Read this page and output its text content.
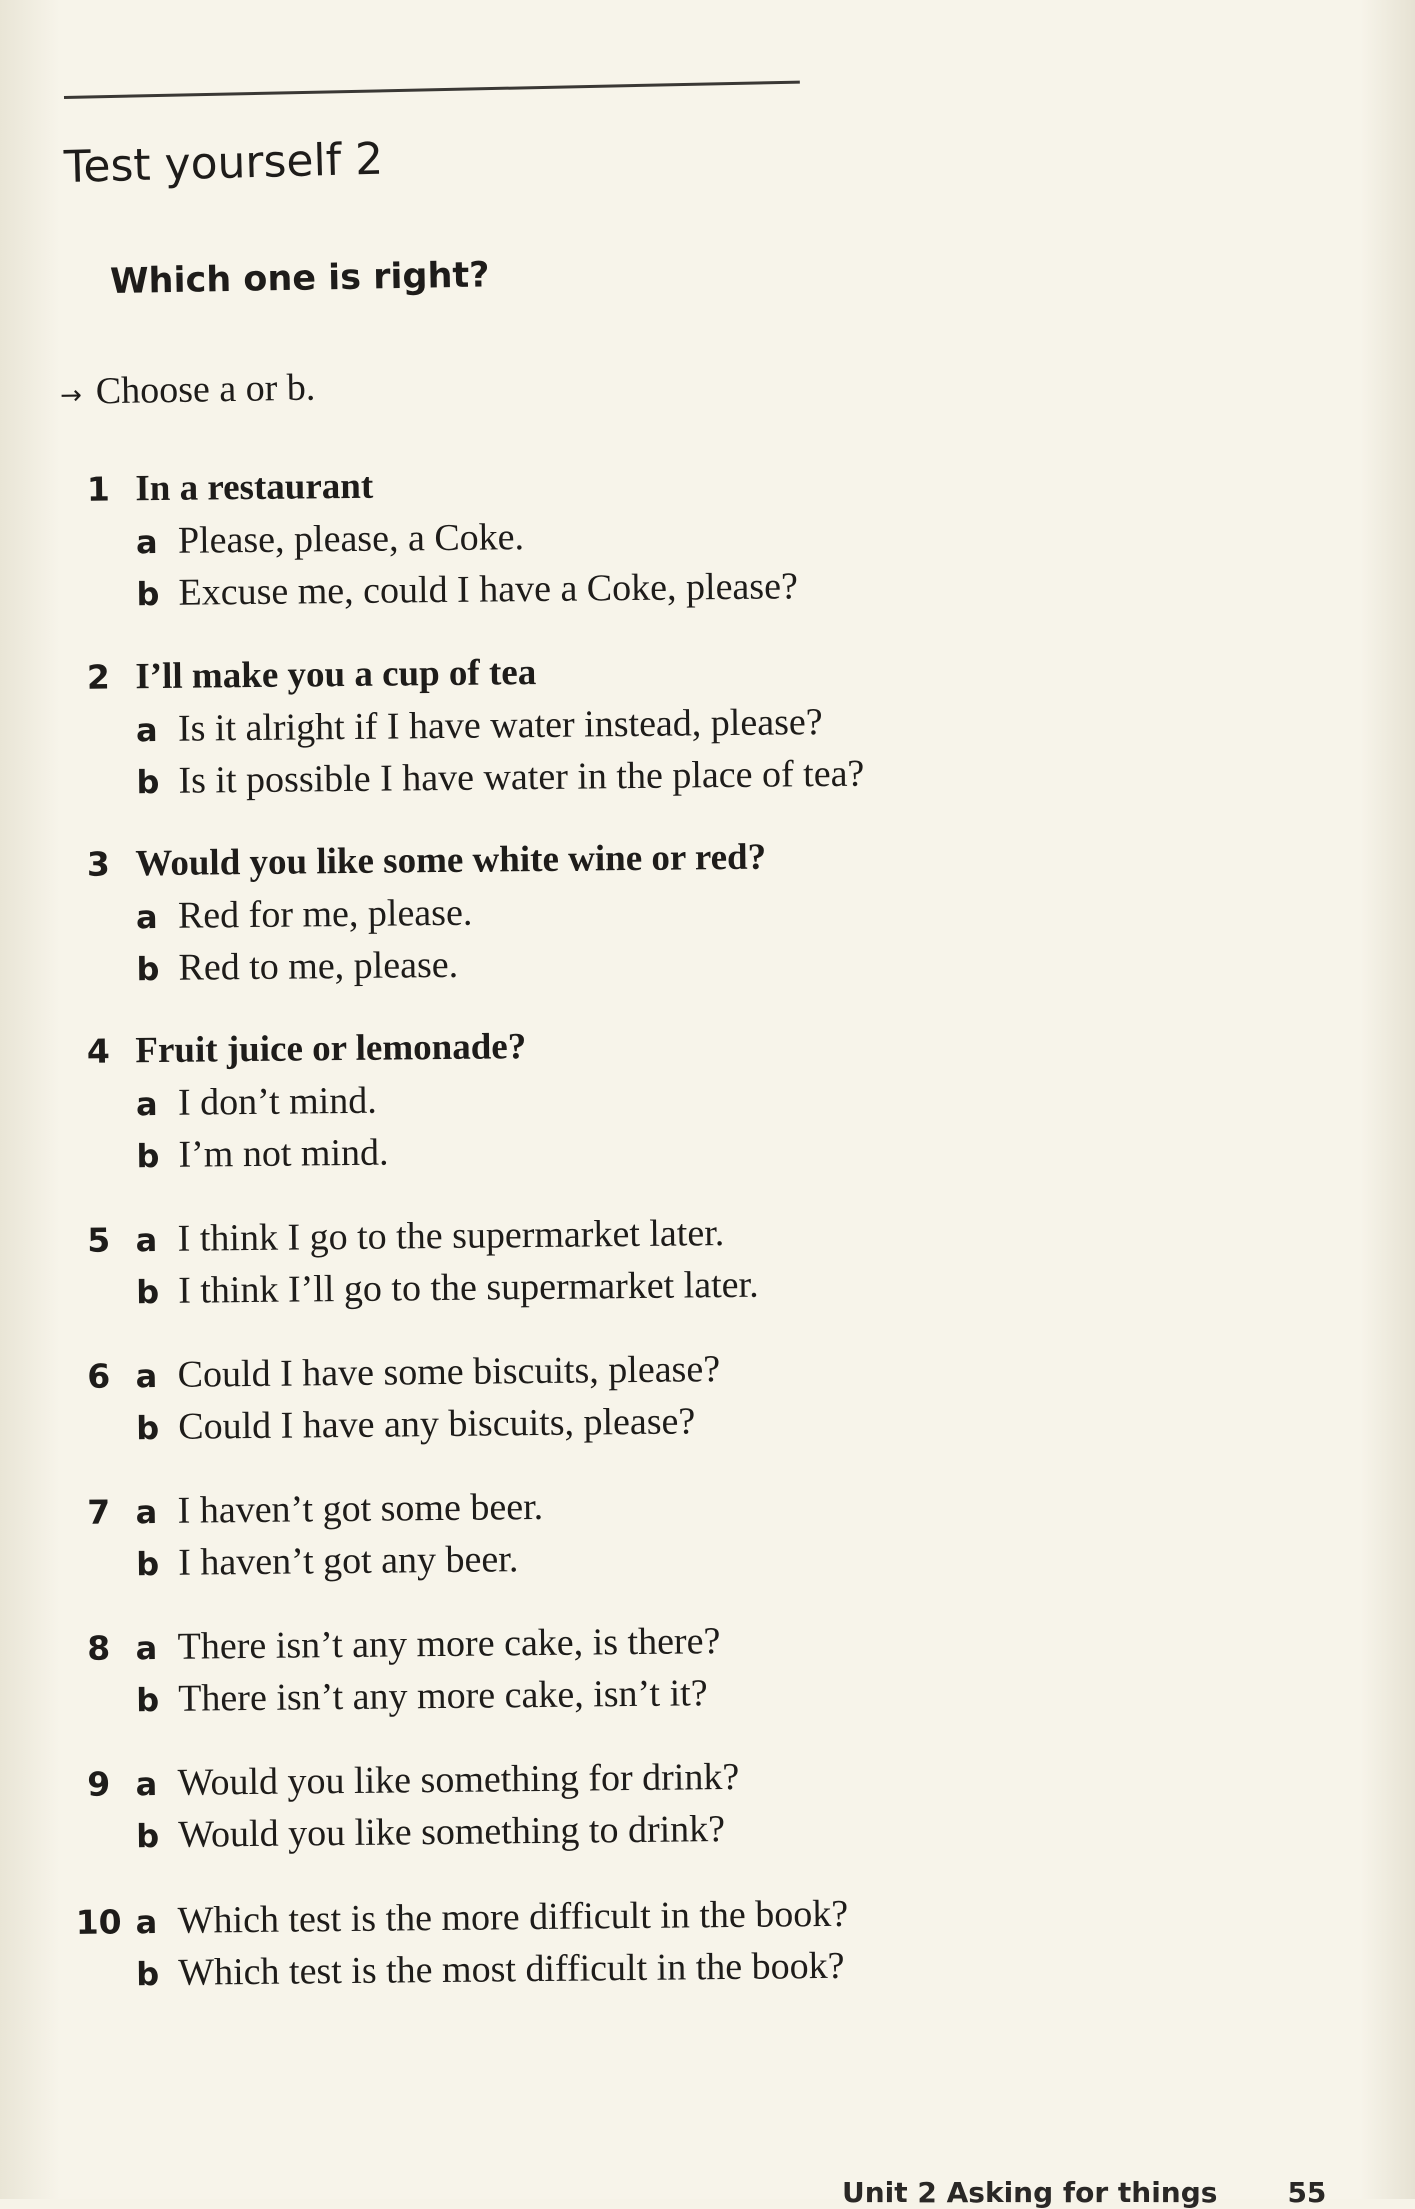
Test yourself 2
Which one is right?
→ Choose a or b.
1 In a restaurant
a Please, please, a Coke.
b Excuse me, could I have a Coke, please?
2 I’ll make you a cup of tea
a Is it alright if I have water instead, please?
b Is it possible I have water in the place of tea?
3 Would you like some white wine or red?
a Red for me, please.
b Red to me, please.
4 Fruit juice or lemonade?
a I don’t mind.
b I’m not mind.
5 a I think I go to the supermarket later.
b I think I’ll go to the supermarket later.
6 a Could I have some biscuits, please?
b Could I have any biscuits, please?
7 a I haven’t got some beer.
b I haven’t got any beer.
8 a There isn’t any more cake, is there?
b There isn’t any more cake, isn’t it?
9 a Would you like something for drink?
b Would you like something to drink?
10 a Which test is the more difficult in the book?
b Which test is the most difficult in the book?
Unit 2 Asking for things	55
